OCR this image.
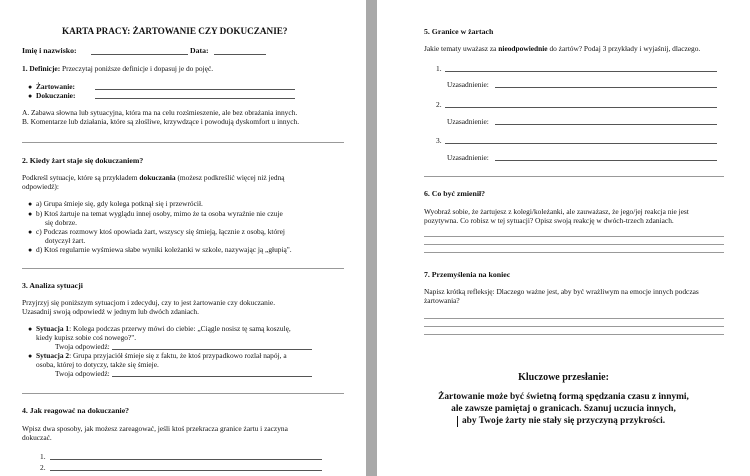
KARTA PRACY: ŻARTOWANIE CZY DOKUCZANIE?
Imię i nazwisko:	Data:
1. Definicje: Przeczytaj poniższe definicje i dopasuj je do pojęć.
● Żartowanie:
● Dokuczanie:
A. Zabawa słowna lub sytuacyjna, która ma na celu rozśmieszenie, ale bez obrażania innych.
B. Komentarze lub działania, które są złośliwe, krzywdzące i powodują dyskomfort u innych.
2. Kiedy żart staje się dokuczaniem?
Podkreśl sytuacje, które są przykładem dokuczania (możesz podkreślić więcej niż jedną
odpowiedź):
● a) Grupa śmieje się, gdy kolega potknął się i przewrócił.
● b) Ktoś żartuje na temat wyglądu innej osoby, mimo że ta osoba wyraźnie nie czuje
się dobrze.
● c) Podczas rozmowy ktoś opowiada żart, wszyscy się śmieją, łącznie z osobą, której
dotyczył żart.
● d) Ktoś regularnie wyśmiewa słabe wyniki koleżanki w szkole, nazywając ją „głupią".
3. Analiza sytuacji
Przyjrzyj się poniższym sytuacjom i zdecyduj, czy to jest żartowanie czy dokuczanie.
Uzasadnij swoją odpowiedź w jednym lub dwóch zdaniach.
● Sytuacja 1: Kolega podczas przerwy mówi do ciebie: „Ciągle nosisz tę samą koszulę,
kiedy kupisz sobie coś nowego?".
Twoja odpowiedź:
● Sytuacja 2: Grupa przyjaciół śmieje się z faktu, że ktoś przypadkowo rozlał napój, a
osoba, której to dotyczy, także się śmieje.
Twoja odpowiedź:
4. Jak reagować na dokuczanie?
Wpisz dwa sposoby, jak możesz zareagować, jeśli ktoś przekracza granice żartu i zaczyna
dokuczać.
1.
2.
5. Granice w żartach
Jakie tematy uważasz za nieodpowiednie do żartów? Podaj 3 przykłady i wyjaśnij, dlaczego.
1.
Uzasadnienie:
2.
Uzasadnienie:
3.
Uzasadnienie:
6. Co być zmienił?
Wyobraź sobie, że żartujesz z kolegi/koleżanki, ale zauważasz, że jego/jej reakcja nie jest
pozytywna. Co robisz w tej sytuacji? Opisz swoją reakcję w dwóch-trzech zdaniach.
7. Przemyślenia na koniec
Napisz krótką refleksję: Dlaczego ważne jest, aby być wrażliwym na emocje innych podczas
żartowania?
Kluczowe przesłanie:
Żartowanie może być świetną formą spędzania czasu z innymi,
ale zawsze pamiętaj o granicach. Szanuj uczucia innych,
aby Twoje żarty nie stały się przyczyną przykrości.
